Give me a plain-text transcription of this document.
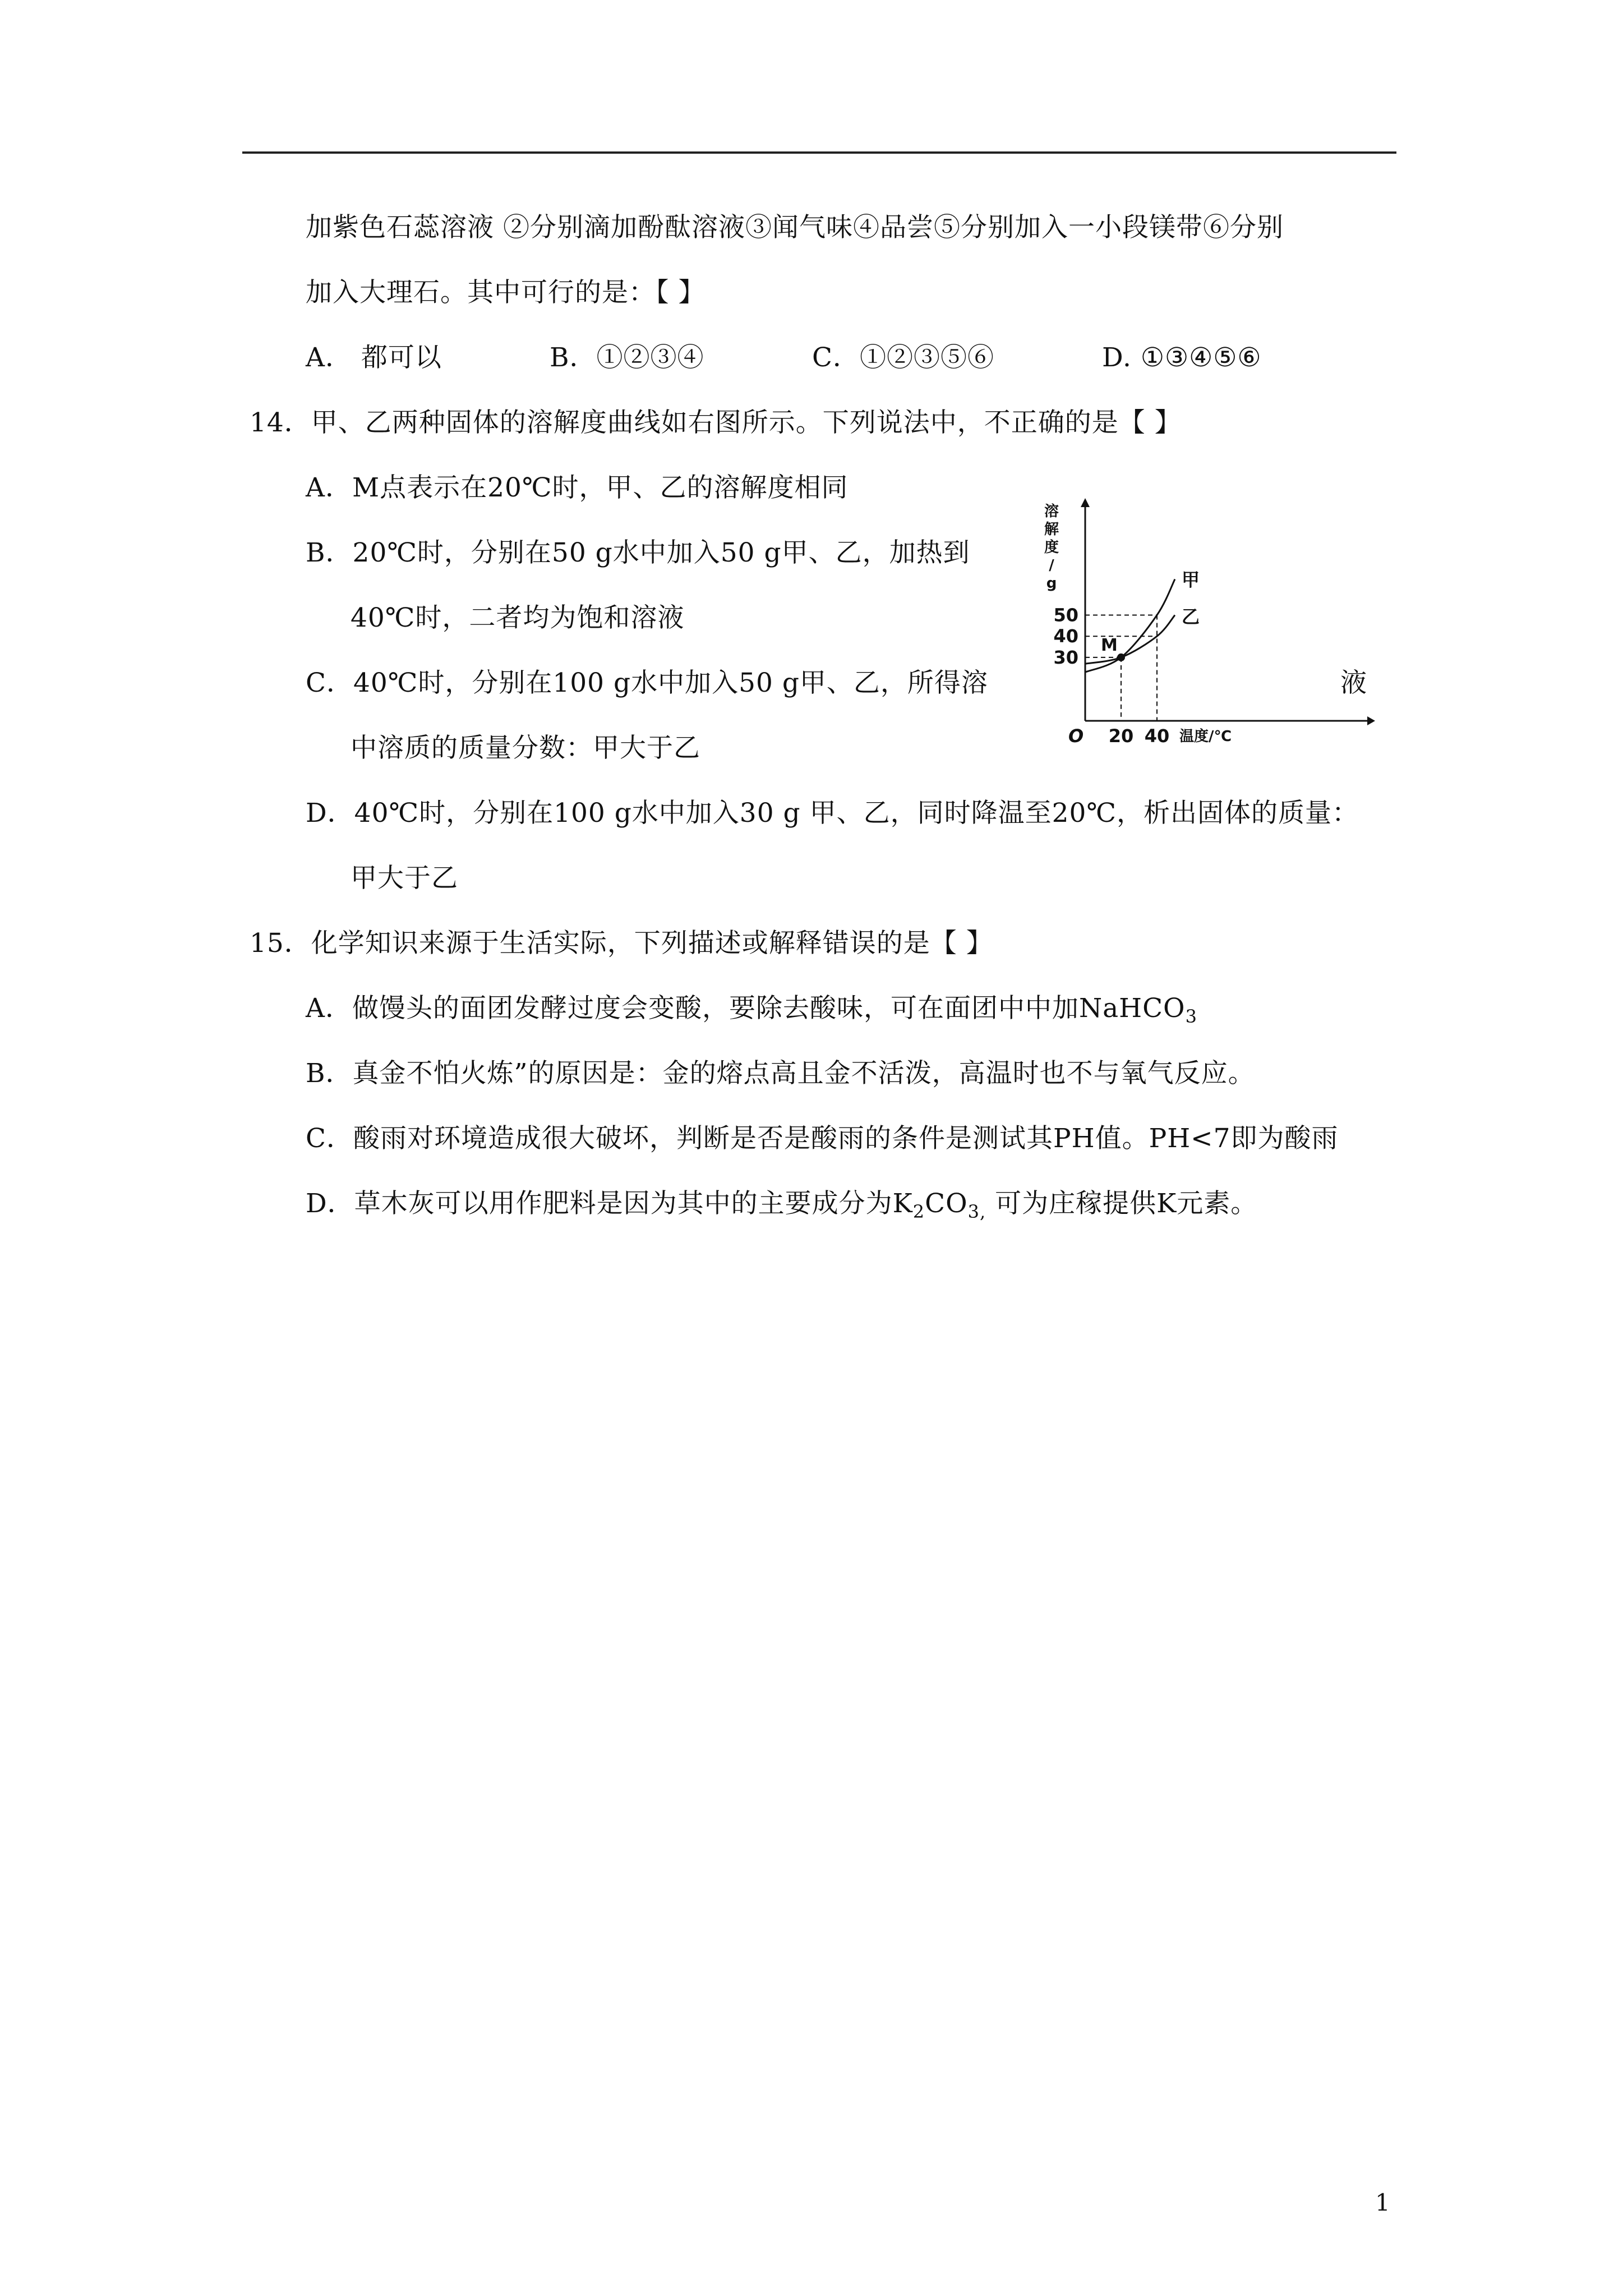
加紫色石蕊溶液 ②分别滴加酚酞溶液③闻气味④品尝⑤分别加入一小段镁带⑥分别
加入大理石。其中可行的是：【 】
A． 都可以	B．①②③④	C．①②③⑤⑥	D. ①③④⑤⑥
14．甲、乙两种固体的溶解度曲线如右图所示。下列说法中，不正确的是【 】
A．M点表示在20℃时，甲、乙的溶解度相同
B．20℃时，分别在50 g水中加入50 g甲、乙，加热到
40℃时，二者均为饱和溶液
C．40℃时，分别在100 g水中加入50 g甲、乙，所得溶	液
中溶质的质量分数：甲大于乙
D．40℃时，分别在100 g水中加入30 g 甲、乙，同时降温至20℃，析出固体的质量：
甲大于乙
M
甲
乙
50
40
30
20 40
O	温度/℃
溶
解
度
/
g
15．化学知识来源于生活实际，下列描述或解释错误的是【 】
A．做馒头的面团发酵过度会变酸，要除去酸味，可在面团中中加NaHCO$_3$
B．真金不怕火炼”的原因是：金的熔点高且金不活泼，高温时也不与氧气反应。
C．酸雨对环境造成很大破坏，判断是否是酸雨的条件是测试其PH值。PH<7即为酸雨
D．草木灰可以用作肥料是因为其中的主要成分为$K_2CO_{3,}$ 可为庄稼提供K元素。
1
